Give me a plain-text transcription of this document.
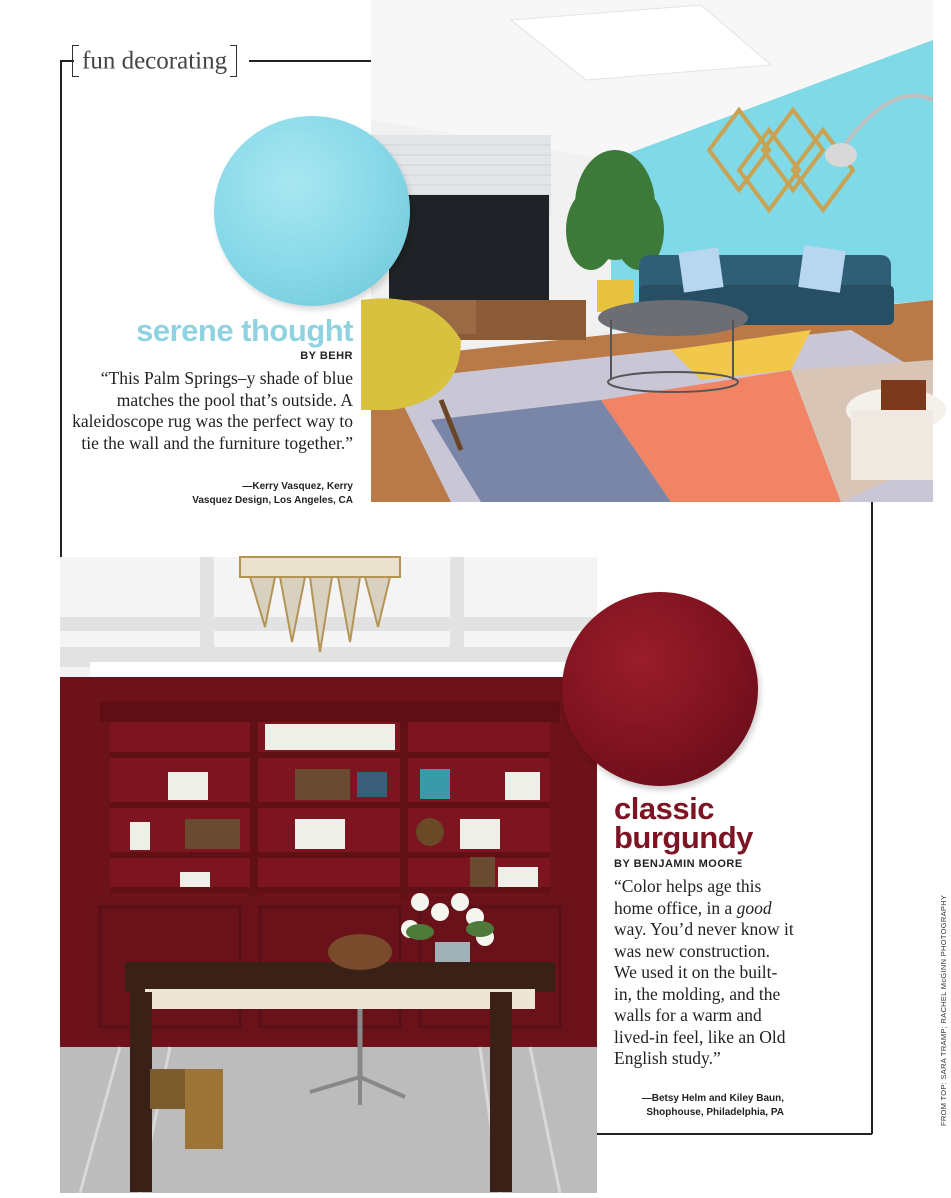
fun decorating
serene thought
BY BEHR
“This Palm Springs–y shade of blue matches the pool that’s outside. A kaleidoscope rug was the perfect way to tie the wall and the furniture together.”
—Kerry Vasquez, Kerry
Vasquez Design, Los Angeles, CA
classic
burgundy
BY BENJAMIN MOORE
“Color helps age this home office, in a good way. You’d never know it was new construction. We used it on the built-in, the molding, and the walls for a warm and lived-in feel, like an Old English study.”
—Betsy Helm and Kiley Baun,
Shophouse, Philadelphia, PA	FROM TOP: SARA TRAMP; RACHEL McGINN PHOTOGRAPHY
